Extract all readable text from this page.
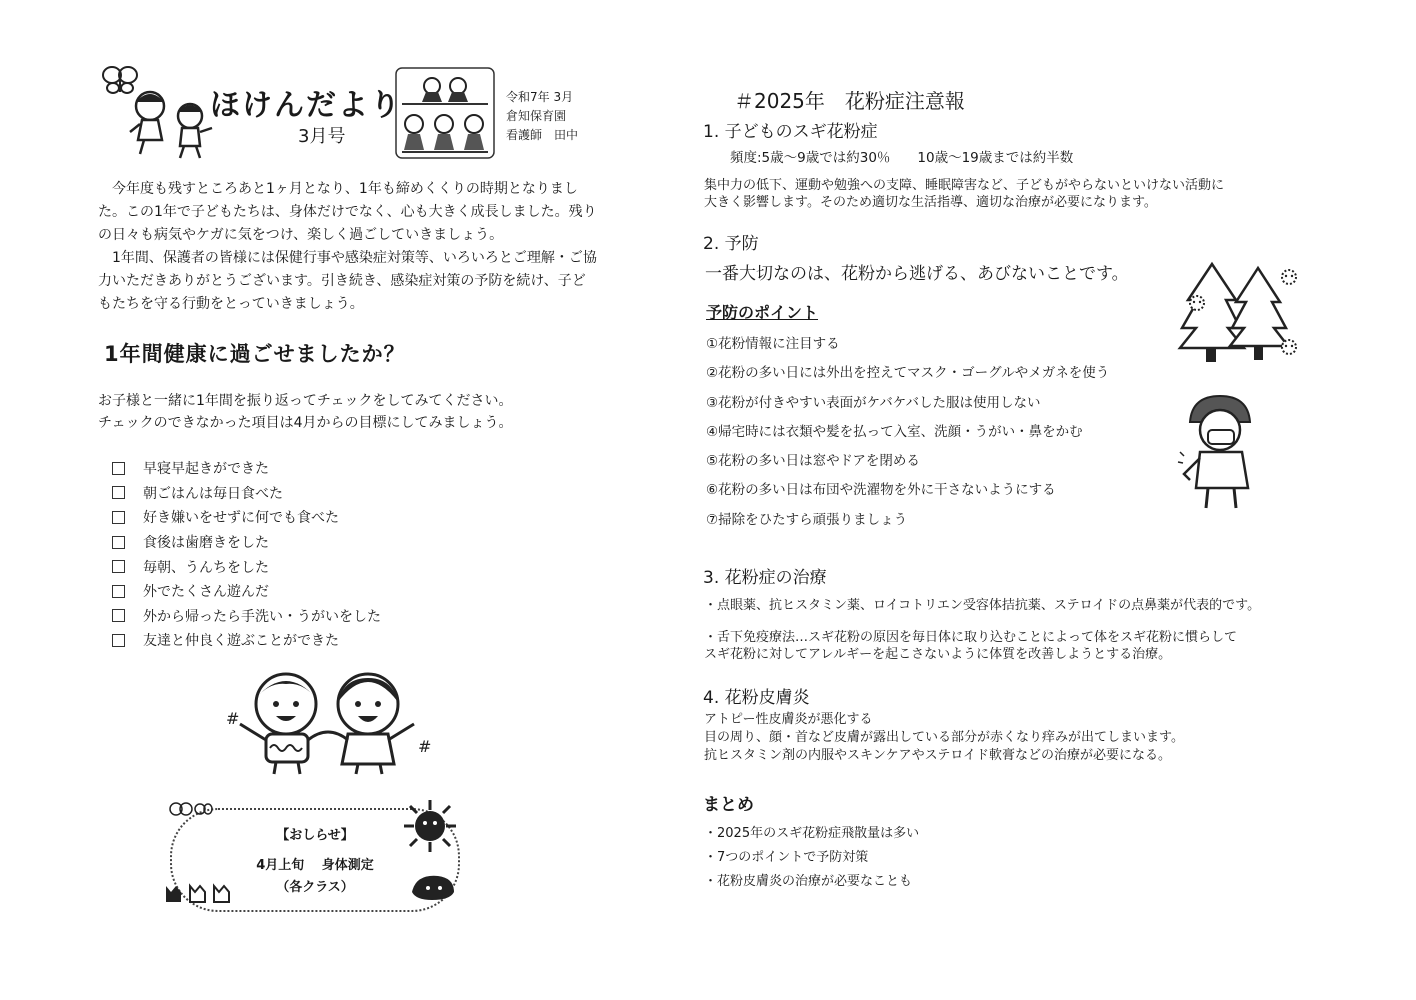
ほけんだより
3月号
令和7年 3月
倉知保育園
看護師　田中

今年度も残すところあと1ヶ月となり、1年も締めくくりの時期となりました。この1年で子どもたちは、身体だけでなく、心も大きく成長しました。残りの日々も病気やケガに気をつけ、楽しく過ごしていきましょう。

1年間、保護者の皆様には保健行事や感染症対策等、いろいろとご理解・ご協力いただきありがとうございます。引き続き、感染症対策の予防を続け、子どもたちを守る行動をとっていきましょう。

1年間健康に過ごせましたか？
お子様と一緒に1年間を振り返ってチェックをしてみてください。
チェックのできなかった項目は4月からの目標にしてみましょう。
早寝早起きができた
朝ごはんは毎日食べた
好き嫌いをせずに何でも食べた
食後は歯磨きをした
毎朝、うんちをした
外でたくさん遊んだ
外から帰ったら手洗い・うがいをした
友達と仲良く遊ぶことができた
#
#
【おしらせ】
4月上旬　 身体測定
（各クラス）
＃2025年　花粉症注意報
1. 子どものスギ花粉症
頻度:5歳～9歳では約30％　　10歳～19歳までは約半数
集中力の低下、運動や勉強への支障、睡眠障害など、子どもがやらないといけない活動に
大きく影響します。そのため適切な生活指導、適切な治療が必要になります。
2. 予防
一番大切なのは、花粉から逃げる、あびないことです。
予防のポイント
①花粉情報に注目する
②花粉の多い日には外出を控えてマスク・ゴーグルやメガネを使う
③花粉が付きやすい表面がケバケバした服は使用しない
④帰宅時には衣類や髪を払って入室、洗顔・うがい・鼻をかむ
⑤花粉の多い日は窓やドアを閉める
⑥花粉の多い日は布団や洗濯物を外に干さないようにする
⑦掃除をひたすら頑張りましょう
3. 花粉症の治療
・点眼薬、抗ヒスタミン薬、ロイコトリエン受容体拮抗薬、ステロイドの点鼻薬が代表的です。
・舌下免疫療法…スギ花粉の原因を毎日体に取り込むことによって体をスギ花粉に慣らして
スギ花粉に対してアレルギーを起こさないように体質を改善しようとする治療。
4. 花粉皮膚炎
アトピー性皮膚炎が悪化する
目の周り、顔・首など皮膚が露出している部分が赤くなり痒みが出てしまいます。
抗ヒスタミン剤の内服やスキンケアやステロイド軟膏などの治療が必要になる。
まとめ
・2025年のスギ花粉症飛散量は多い
・7つのポイントで予防対策
・花粉皮膚炎の治療が必要なことも
